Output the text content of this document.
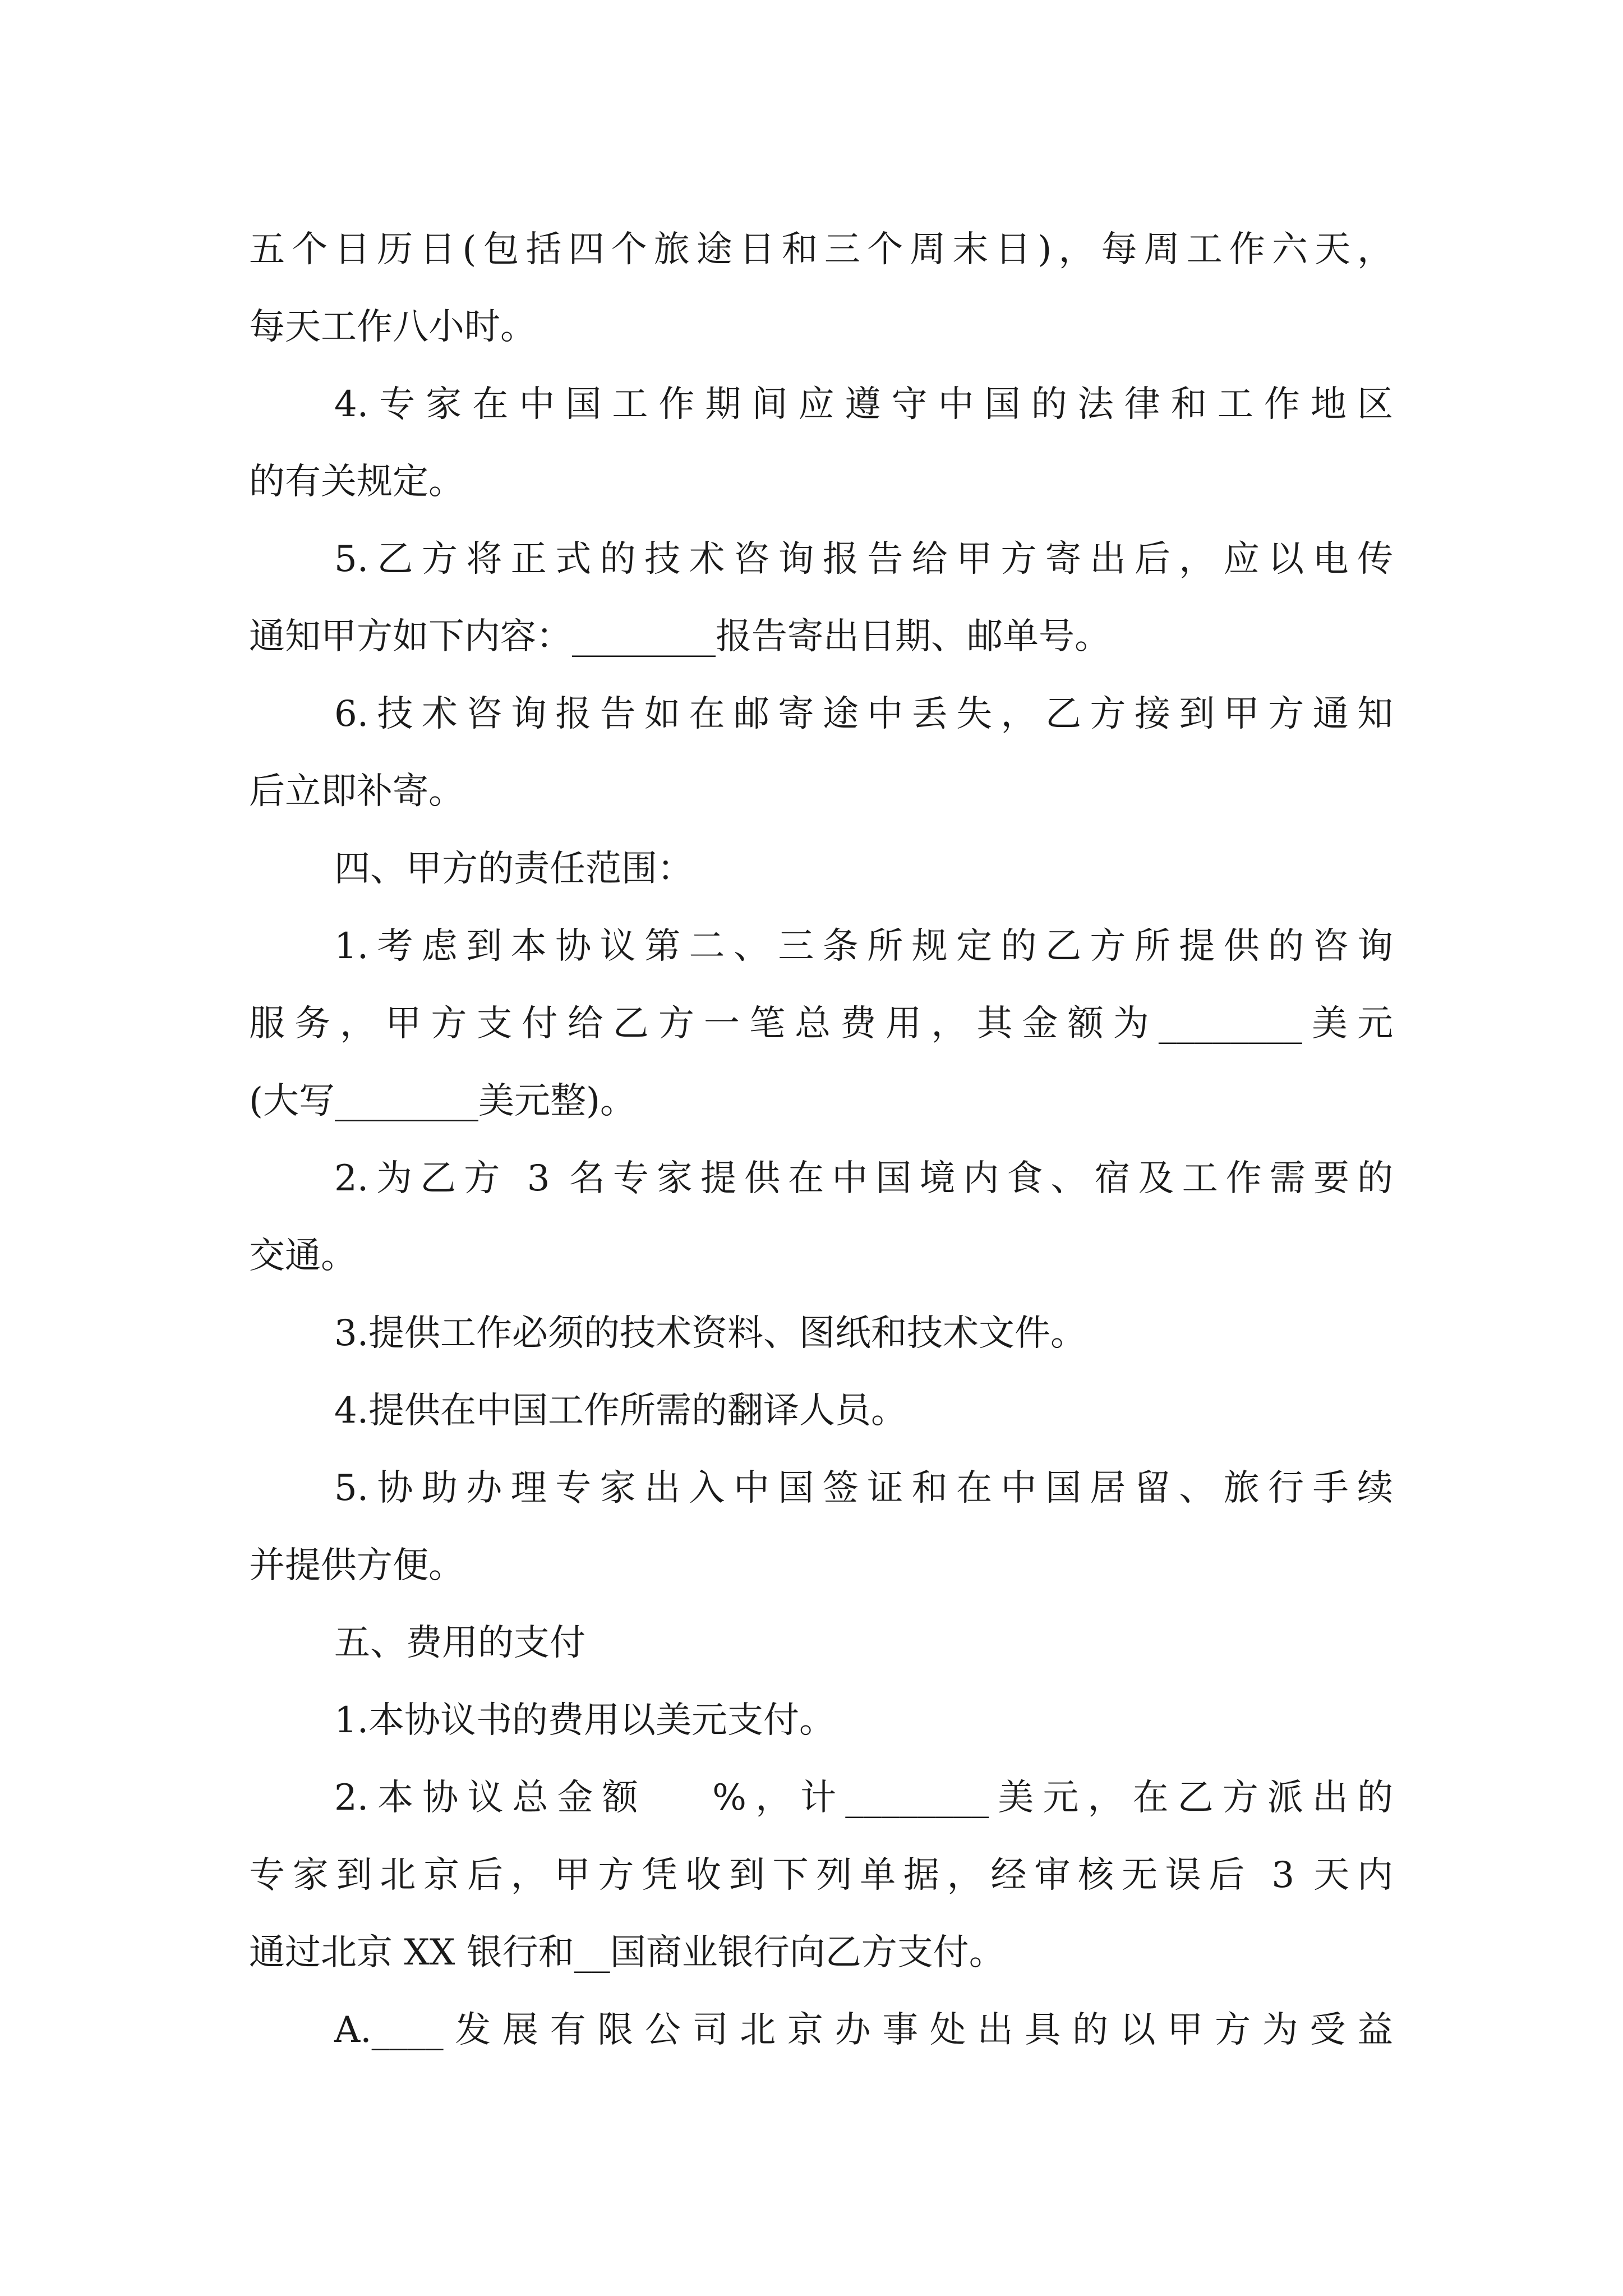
五个日历日(包括四个旅途日和三个周末日)，每周工作六天，
每天工作八小时。
4.专家在中国工作期间应遵守中国的法律和工作地区
的有关规定。
5.乙方将正式的技术咨询报告给甲方寄出后，应以电传
通知甲方如下内容：________报告寄出日期、邮单号。
6.技术咨询报告如在邮寄途中丢失，乙方接到甲方通知
后立即补寄。
四、甲方的责任范围：
1.考虑到本协议第二、三条所规定的乙方所提供的咨询
服务，甲方支付给乙方一笔总费用，其金额为________美元
(大写________美元整)。
2.为乙方 3 名专家提供在中国境内食、宿及工作需要的
交通。
3.提供工作必须的技术资料、图纸和技术文件。
4.提供在中国工作所需的翻译人员。
5.协助办理专家出入中国签证和在中国居留、旅行手续
并提供方便。
五、费用的支付
1.本协议书的费用以美元支付。
2.本协议总金额　 %，计________美元，在乙方派出的
专家到北京后，甲方凭收到下列单据，经审核无误后 3 天内
通过北京 XX 银行和__国商业银行向乙方支付。
A.____发展有限公司北京办事处出具的以甲方为受益
